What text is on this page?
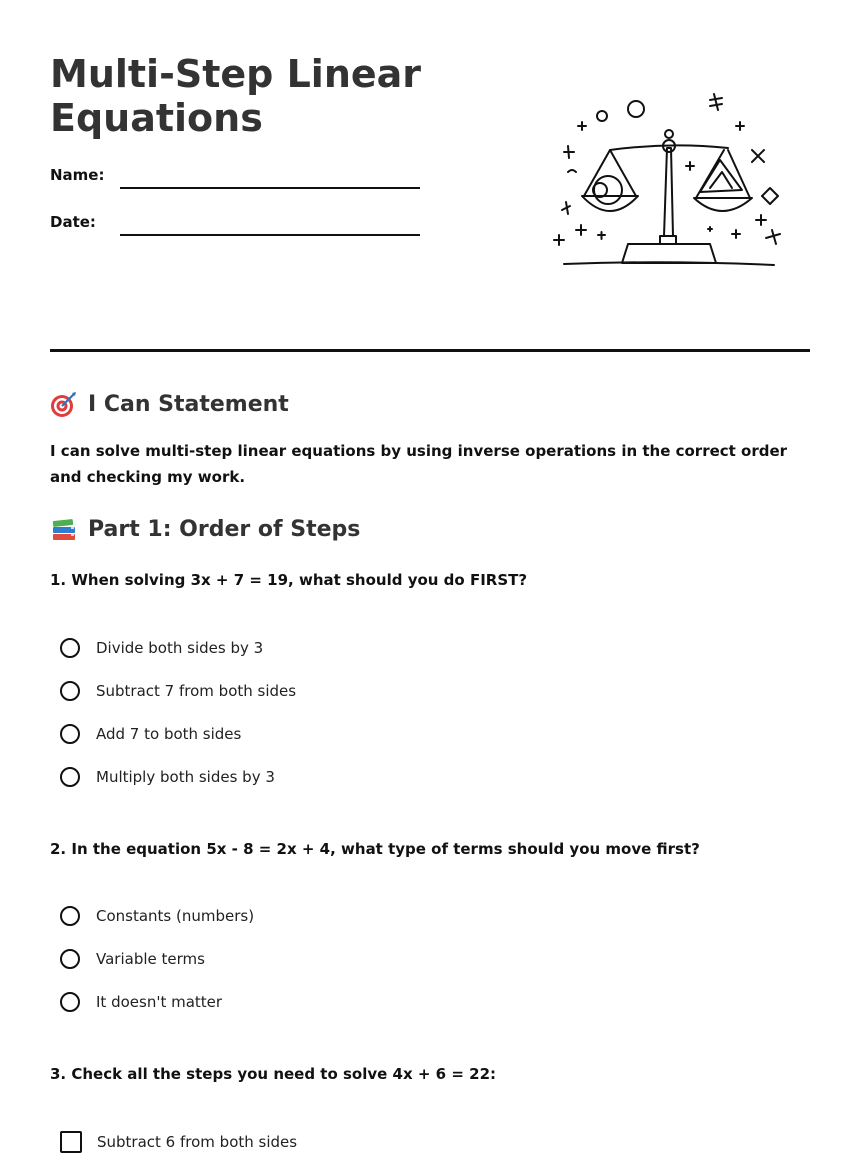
Multi-Step Linear Equations
Name:
Date:
I Can Statement

I can solve multi-step linear equations by using inverse operations in the correct order and checking my work.

Part 1: Order of Steps

1. When solving 3x + 7 = 19, what should you do FIRST?

Divide both sides by 3
Subtract 7 from both sides
Add 7 to both sides
Multiply both sides by 3

2. In the equation 5x - 8 = 2x + 4, what type of terms should you move first?

Constants (numbers)
Variable terms
It doesn't matter

3. Check all the steps you need to solve 4x + 6 = 22:

Subtract 6 from both sides
